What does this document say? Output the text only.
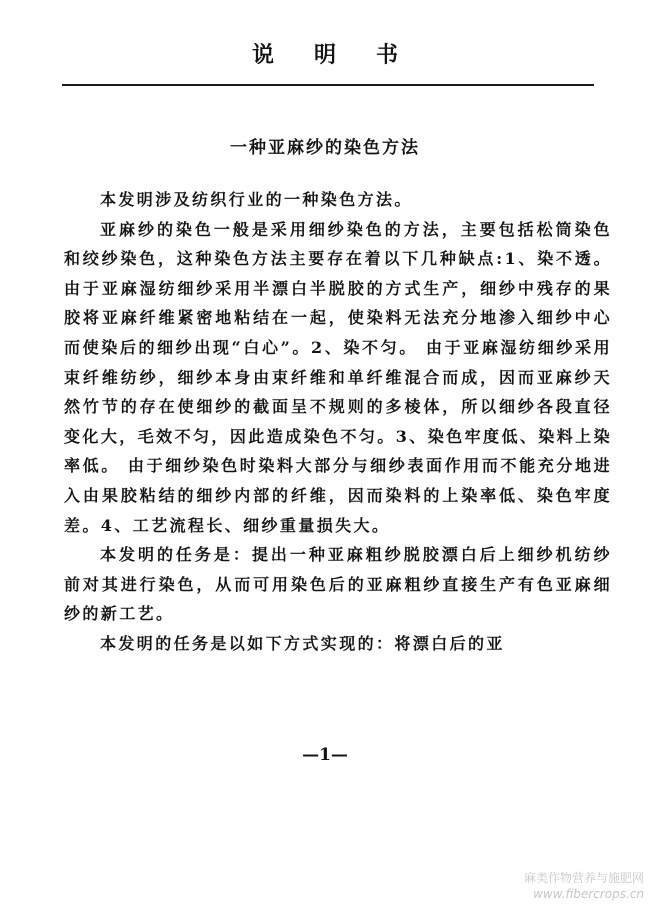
说明书
一种亚麻纱的染色方法

本发明涉及纺织行业的一种染色方法。

亚麻纱的染色一般是采用细纱染色的方法，主要包括松筒染色和绞纱染色，这种染色方法主要存在着以下几种缺点:1、染不透。由于亚麻湿纺细纱采用半漂白半脱胶的方式生产，细纱中残存的果胶将亚麻纤维紧密地粘结在一起，使染料无法充分地渗入细纱中心而使染后的细纱出现“白心”。2、染不匀。 由于亚麻湿纺细纱采用束纤维纺纱，细纱本身由束纤维和单纤维混合而成，因而亚麻纱天然竹节的存在使细纱的截面呈不规则的多棱体，所以细纱各段直径变化大，毛效不匀，因此造成染色不匀。3、染色牢度低、染料上染率低。 由于细纱染色时染料大部分与细纱表面作用而不能充分地进入由果胶粘结的细纱内部的纤维，因而染料的上染率低、染色牢度差。4、工艺流程长、细纱重量损失大。

本发明的任务是：提出一种亚麻粗纱脱胶漂白后上细纱机纺纱前对其进行染色，从而可用染色后的亚麻粗纱直接生产有色亚麻细纱的新工艺。

本发明的任务是以如下方式实现的：将漂白后的亚

—1—
麻类作物营养与施肥网
www.fibercrops.cn
